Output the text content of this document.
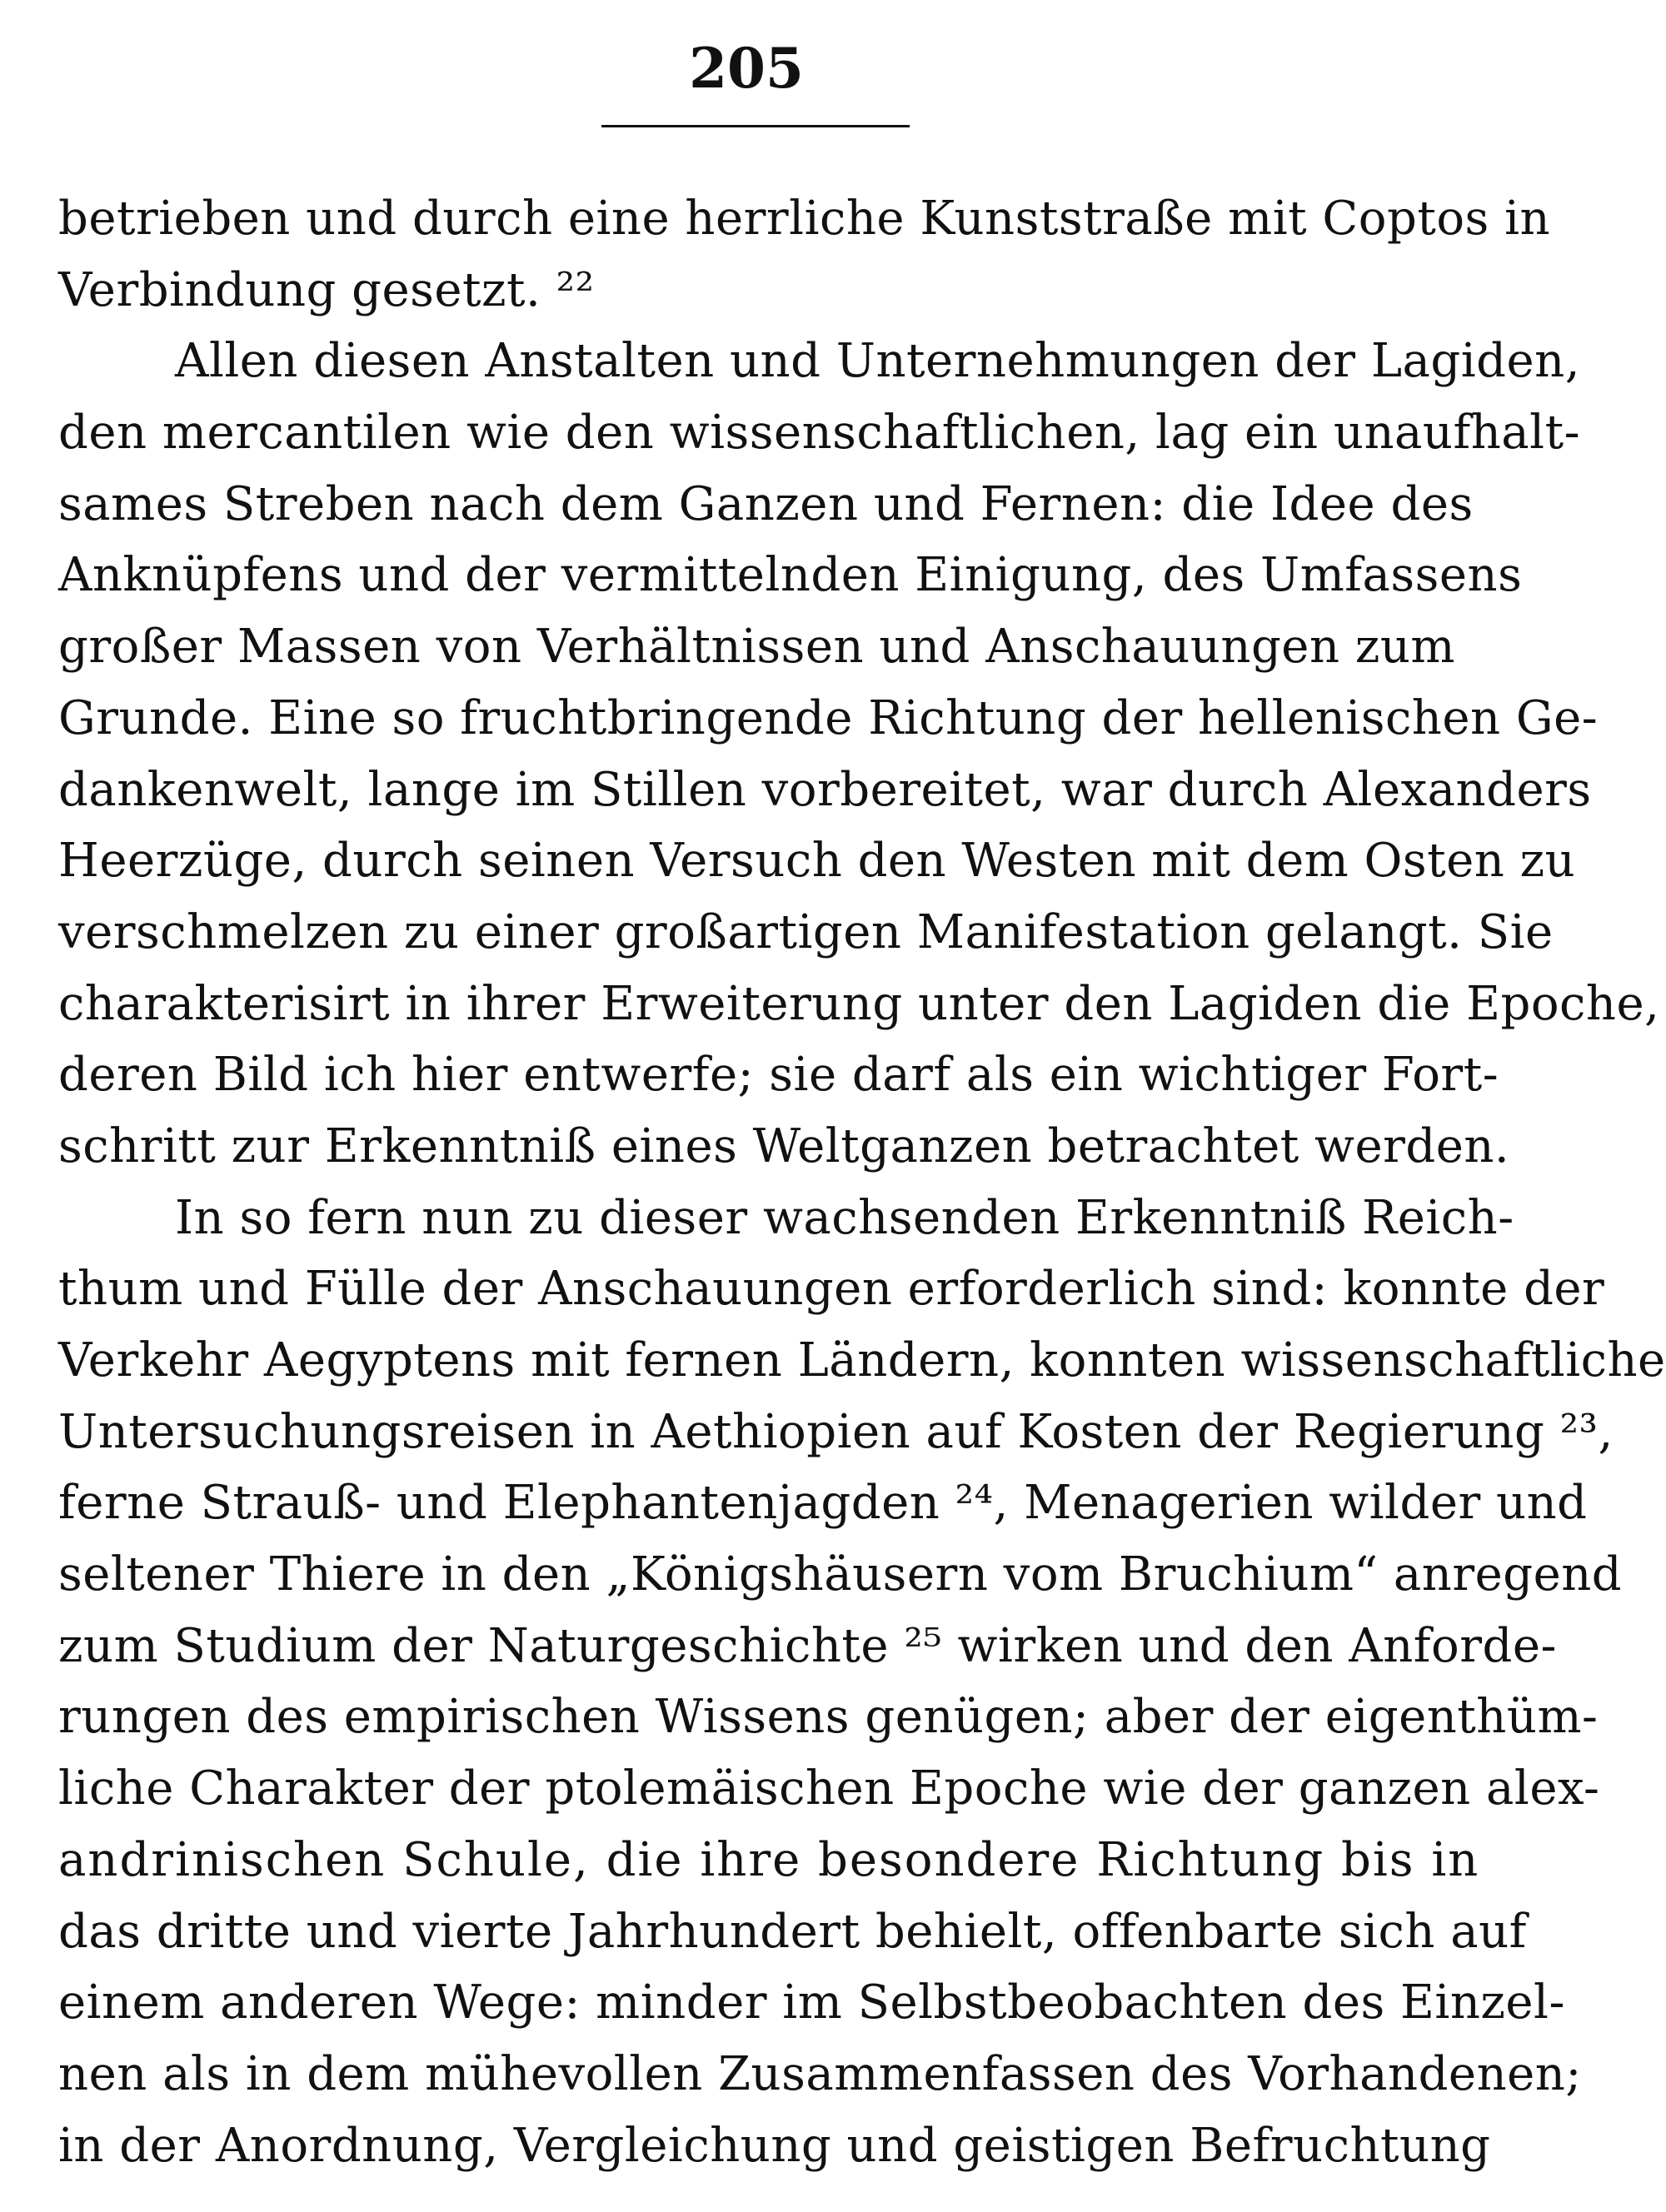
205
betrieben und durch eine herrliche Kunststraße mit Coptos in
Verbindung gesetzt. ²²
Allen diesen Anstalten und Unternehmungen der Lagiden,
den mercantilen wie den wissenschaftlichen, lag ein unaufhalt-
sames Streben nach dem Ganzen und Fernen: die Idee des
Anknüpfens und der vermittelnden Einigung, des Umfassens
großer Massen von Verhältnissen und Anschauungen zum
Grunde. Eine so fruchtbringende Richtung der hellenischen Ge-
dankenwelt, lange im Stillen vorbereitet, war durch Alexanders
Heerzüge, durch seinen Versuch den Westen mit dem Osten zu
verschmelzen zu einer großartigen Manifestation gelangt. Sie
charakterisirt in ihrer Erweiterung unter den Lagiden die Epoche,
deren Bild ich hier entwerfe; sie darf als ein wichtiger Fort-
schritt zur Erkenntniß eines Weltganzen betrachtet werden.
In so fern nun zu dieser wachsenden Erkenntniß Reich-
thum und Fülle der Anschauungen erforderlich sind: konnte der
Verkehr Aegyptens mit fernen Ländern, konnten wissenschaftliche
Untersuchungsreisen in Aethiopien auf Kosten der Regierung ²³,
ferne Strauß- und Elephantenjagden ²⁴, Menagerien wilder und
seltener Thiere in den „Königshäusern vom Bruchium“ anregend
zum Studium der Naturgeschichte ²⁵ wirken und den Anforde-
rungen des empirischen Wissens genügen; aber der eigenthüm-
liche Charakter der ptolemäischen Epoche wie der ganzen alex-
andrinischen Schule, die ihre besondere Richtung bis in
das dritte und vierte Jahrhundert behielt, offenbarte sich auf
einem anderen Wege: minder im Selbstbeobachten des Einzel-
nen als in dem mühevollen Zusammenfassen des Vorhandenen;
in der Anordnung, Vergleichung und geistigen Befruchtung
